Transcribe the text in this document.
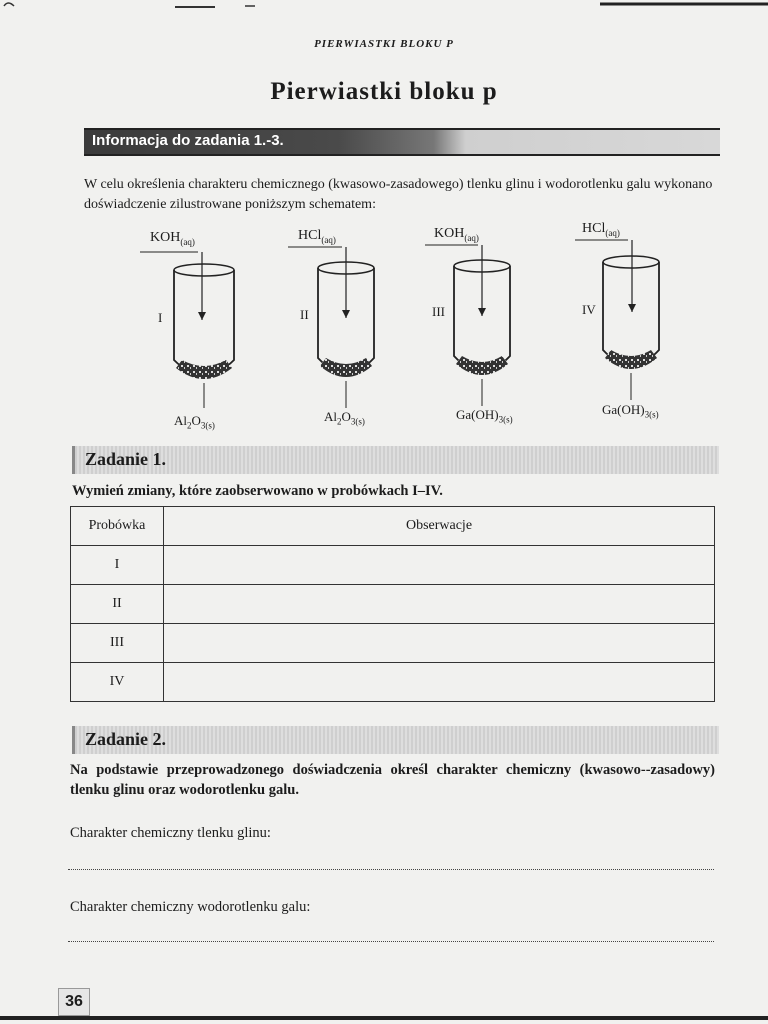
PIERWIASTKI BLOKU P
Pierwiastki bloku p
Informacja do zadania 1.-3.
W celu określenia charakteru chemicznego (kwasowo-zasadowego) tlenku glinu i wodorotlenku galu wykonano doświadczenie zilustrowane poniższym schematem:
$KOH_{(aq)}$	HCl$_{(aq)}$	$KOH_{(aq)}$
HCl$_{(aq)}$
I	II	III	IV
$Al_2O_{3(s)}$
$Al_2O_{3(s)}$	$Ga(OH)_{3(s)}$
$Ga(OH)_{3(s)}$
Zadanie 1.
Wymień zmiany, które zaobserwowano w probówkach I–IV.
Probówka	Obserwacje
I	
II	
III	
IV	
Zadanie 2.
Na podstawie przeprowadzonego doświadczenia określ charakter chemiczny (kwasowo--zasadowy) tlenku glinu oraz wodorotlenku galu.
Charakter chemiczny tlenku glinu:
Charakter chemiczny wodorotlenku galu:
36
